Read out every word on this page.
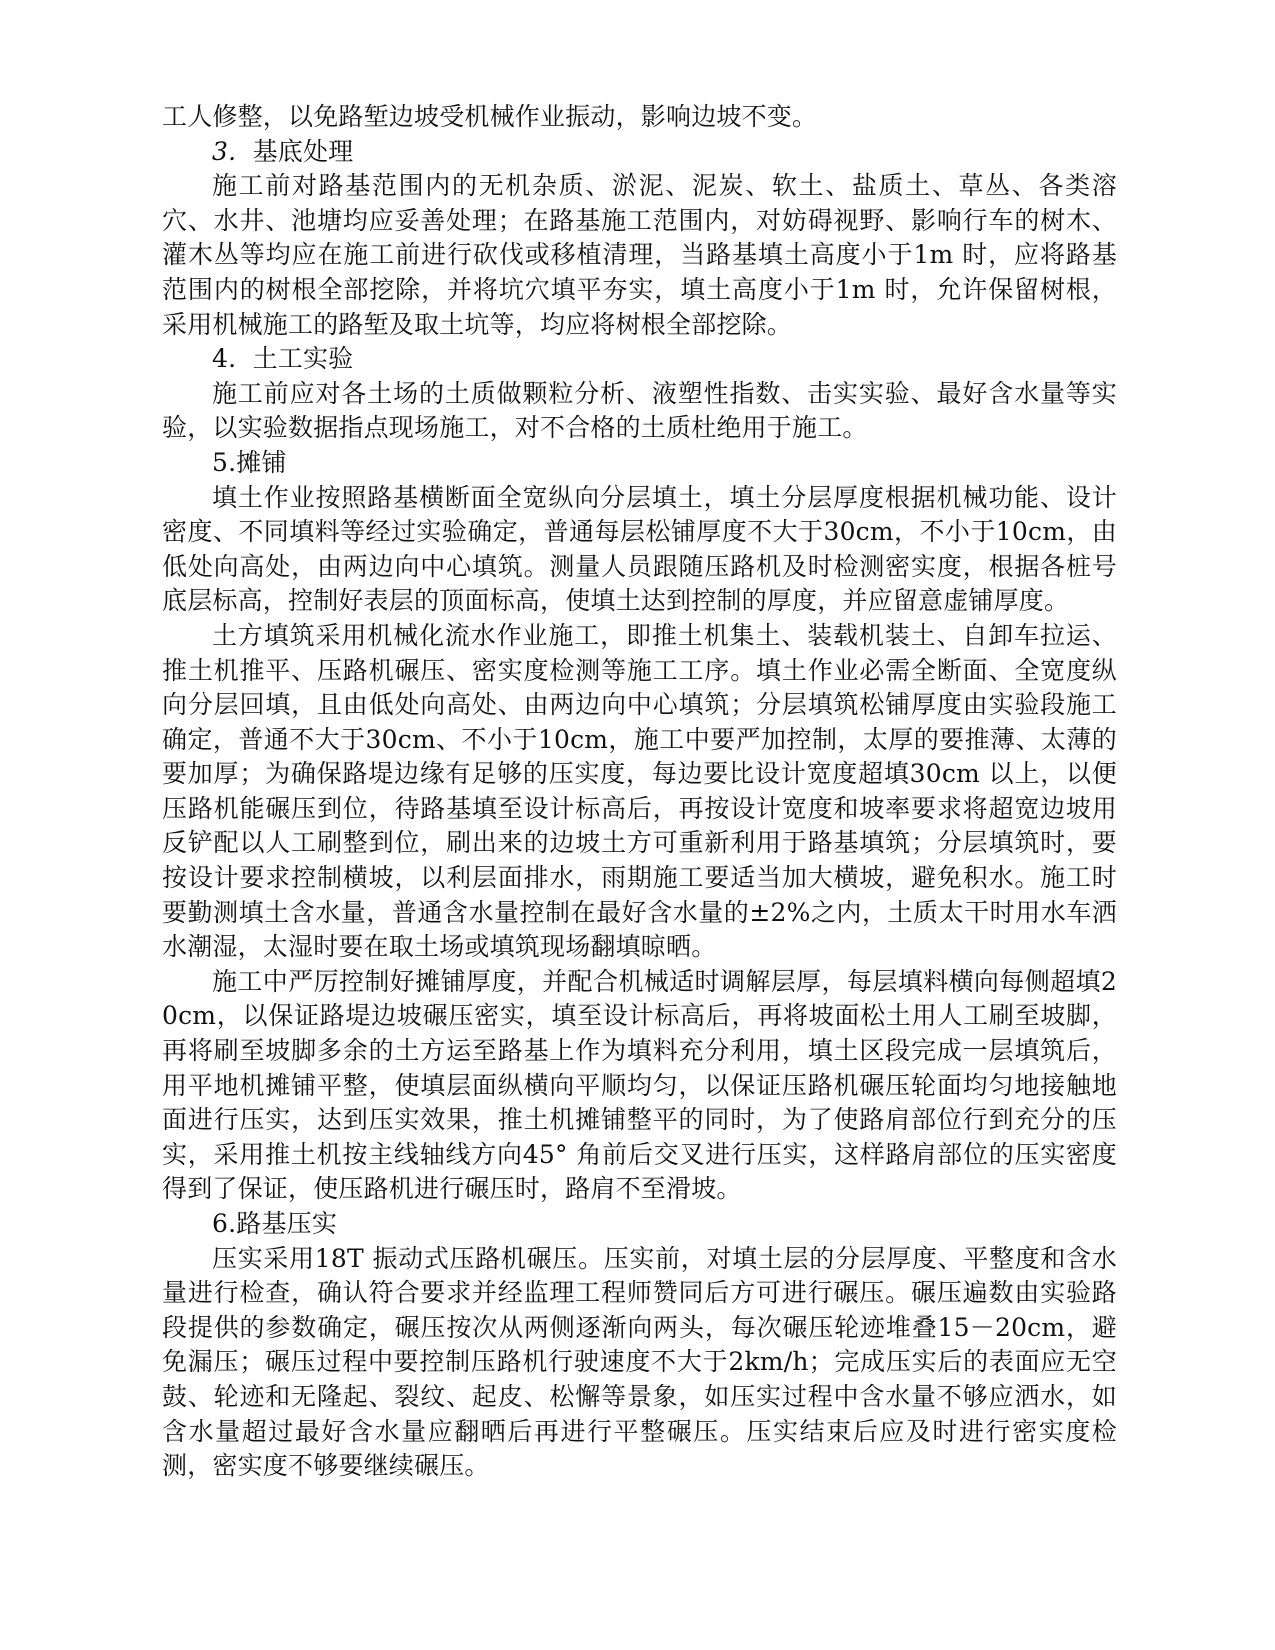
工人修整，以免路堑边坡受机械作业振动，影响边坡不变。

3. 基底处理

施工前对路基范围内的无机杂质、淤泥、泥炭、软土、盐质土、草丛、各类溶穴、水井、池塘均应妥善处理；在路基施工范围内，对妨碍视野、影响行车的树木、灌木丛等均应在施工前进行砍伐或移植清理，当路基填土高度小于1m 时，应将路基范围内的树根全部挖除，并将坑穴填平夯实，填土高度小于1m 时，允许保留树根，采用机械施工的路堑及取土坑等，均应将树根全部挖除。

4. 土工实验

施工前应对各土场的土质做颗粒分析、液塑性指数、击实实验、最好含水量等实验，以实验数据指点现场施工，对不合格的土质杜绝用于施工。

5.摊铺

填土作业按照路基横断面全宽纵向分层填土，填土分层厚度根据机械功能、设计密度、不同填料等经过实验确定，普通每层松铺厚度不大于30cm，不小于10cm，由低处向高处，由两边向中心填筑。测量人员跟随压路机及时检测密实度，根据各桩号底层标高，控制好表层的顶面标高，使填土达到控制的厚度，并应留意虚铺厚度。

土方填筑采用机械化流水作业施工，即推土机集土、装载机装土、自卸车拉运、推土机推平、压路机碾压、密实度检测等施工工序。填土作业必需全断面、全宽度纵向分层回填，且由低处向高处、由两边向中心填筑；分层填筑松铺厚度由实验段施工确定，普通不大于30cm、不小于10cm，施工中要严加控制，太厚的要推薄、太薄的要加厚；为确保路堤边缘有足够的压实度，每边要比设计宽度超填30cm 以上，以便压路机能碾压到位，待路基填至设计标高后，再按设计宽度和坡率要求将超宽边坡用反铲配以人工刷整到位，刷出来的边坡土方可重新利用于路基填筑；分层填筑时，要按设计要求控制横坡，以利层面排水，雨期施工要适当加大横坡，避免积水。施工时要勤测填土含水量，普通含水量控制在最好含水量的±2%之内，土质太干时用水车洒水潮湿，太湿时要在取土场或填筑现场翻填晾晒。

施工中严厉控制好摊铺厚度，并配合机械适时调解层厚，每层填料横向每侧超填20cm，以保证路堤边坡碾压密实，填至设计标高后，再将坡面松土用人工刷至坡脚，再将刷至坡脚多余的土方运至路基上作为填料充分利用，填土区段完成一层填筑后，用平地机摊铺平整，使填层面纵横向平顺均匀，以保证压路机碾压轮面均匀地接触地面进行压实，达到压实效果，推土机摊铺整平的同时，为了使路肩部位行到充分的压实，采用推土机按主线轴线方向45° 角前后交叉进行压实，这样路肩部位的压实密度得到了保证，使压路机进行碾压时，路肩不至滑坡。

6.路基压实

压实采用18T 振动式压路机碾压。压实前，对填土层的分层厚度、平整度和含水量进行检查，确认符合要求并经监理工程师赞同后方可进行碾压。碾压遍数由实验路段提供的参数确定，碾压按次从两侧逐渐向两头，每次碾压轮迹堆叠15－20cm，避免漏压；碾压过程中要控制压路机行驶速度不大于2km/h；完成压实后的表面应无空鼓、轮迹和无隆起、裂纹、起皮、松懈等景象，如压实过程中含水量不够应洒水，如含水量超过最好含水量应翻晒后再进行平整碾压。压实结束后应及时进行密实度检测，密实度不够要继续碾压。
